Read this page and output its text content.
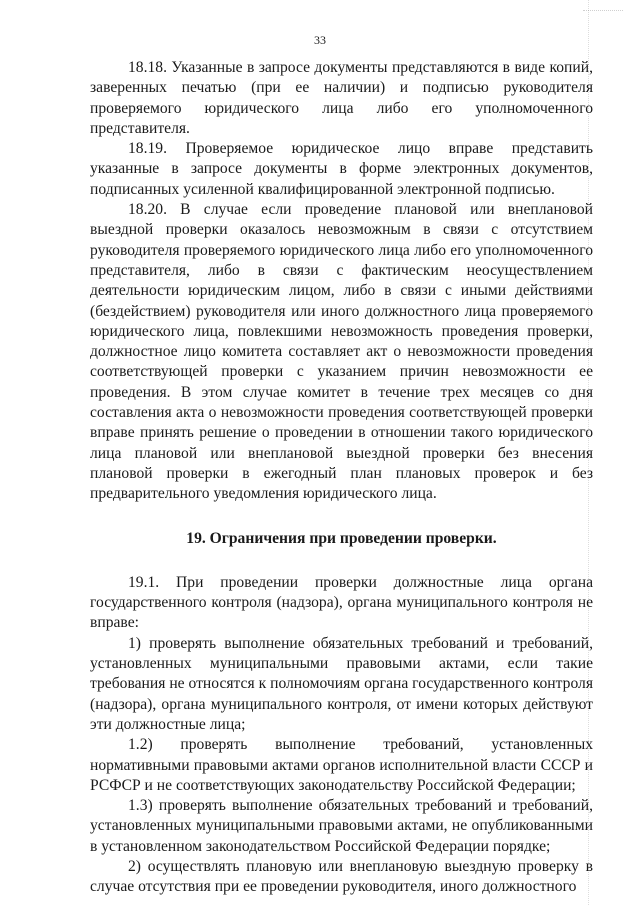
33

18.18. Указанные в запросе документы представляются в виде копий, заверенных печатью (при ее наличии) и подписью руководителя проверяемого юридического лица либо его уполномоченного представителя.

18.19. Проверяемое юридическое лицо вправе представить указанные в запросе документы в форме электронных документов, подписанных усиленной квалифицированной электронной подписью.

18.20. В случае если проведение плановой или внеплановой выездной проверки оказалось невозможным в связи с отсутствием руководителя проверяемого юридического лица либо его уполномоченного представителя, либо в связи с фактическим неосуществлением деятельности юридическим лицом, либо в связи с иными действиями (бездействием) руководителя или иного должностного лица проверяемого юридического лица, повлекшими невозможность проведения проверки, должностное лицо комитета составляет акт о невозможности проведения соответствующей проверки с указанием причин невозможности ее проведения. В этом случае комитет в течение трех месяцев со дня составления акта о невозможности проведения соответствующей проверки вправе принять решение о проведении в отношении такого юридического лица плановой или внеплановой выездной проверки без внесения плановой проверки в ежегодный план плановых проверок и без предварительного уведомления юридического лица.

19. Ограничения при проведении проверки.

19.1. При проведении проверки должностные лица органа государственного контроля (надзора), органа муниципального контроля не вправе:

1) проверять выполнение обязательных требований и требований, установленных муниципальными правовыми актами, если такие требования не относятся к полномочиям органа государственного контроля (надзора), органа муниципального контроля, от имени которых действуют эти должностные лица;

1.2) проверять выполнение требований, установленных нормативными правовыми актами органов исполнительной власти СССР и РСФСР и не соответствующих законодательству Российской Федерации;

1.3) проверять выполнение обязательных требований и требований, установленных муниципальными правовыми актами, не опубликованными в установленном законодательством Российской Федерации порядке;

2) осуществлять плановую или внеплановую выездную проверку в случае отсутствия при ее проведении руководителя, иного должностного
